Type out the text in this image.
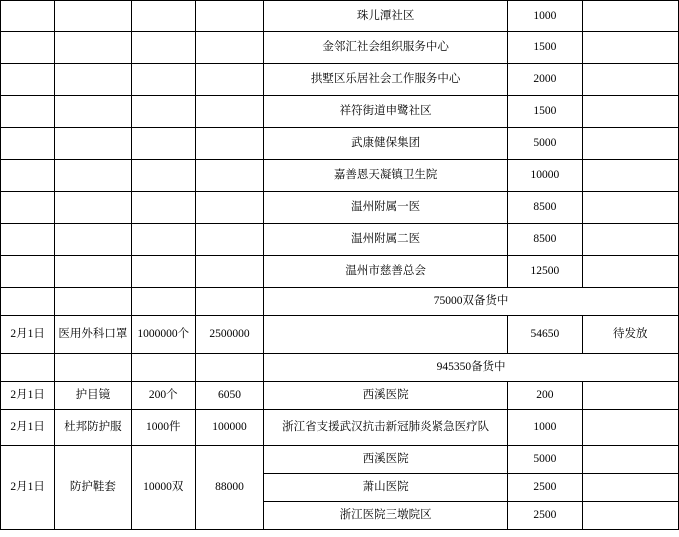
				珠儿潭社区	1000	
				金邻汇社会组织服务中心	1500	
				拱墅区乐居社会工作服务中心	2000	
				祥符街道申鹭社区	1500	
				武康健保集团	5000	
				嘉善恩天凝镇卫生院	10000	
				温州附属一医	8500	
				温州附属二医	8500	
				温州市慈善总会	12500	
				75000双备货中		
2月1日	医用外科口罩	1000000个	2500000		54650	待发放
				945350备货中		
2月1日	护目镜	200个	6050	西溪医院	200	
2月1日	杜邦防护服	1000件	100000	浙江省支援武汉抗击新冠肺炎紧急医疗队	1000	
2月1日	防护鞋套	10000双	88000	西溪医院	5000	
				萧山医院	2500	
				浙江医院三墩院区	2500	
